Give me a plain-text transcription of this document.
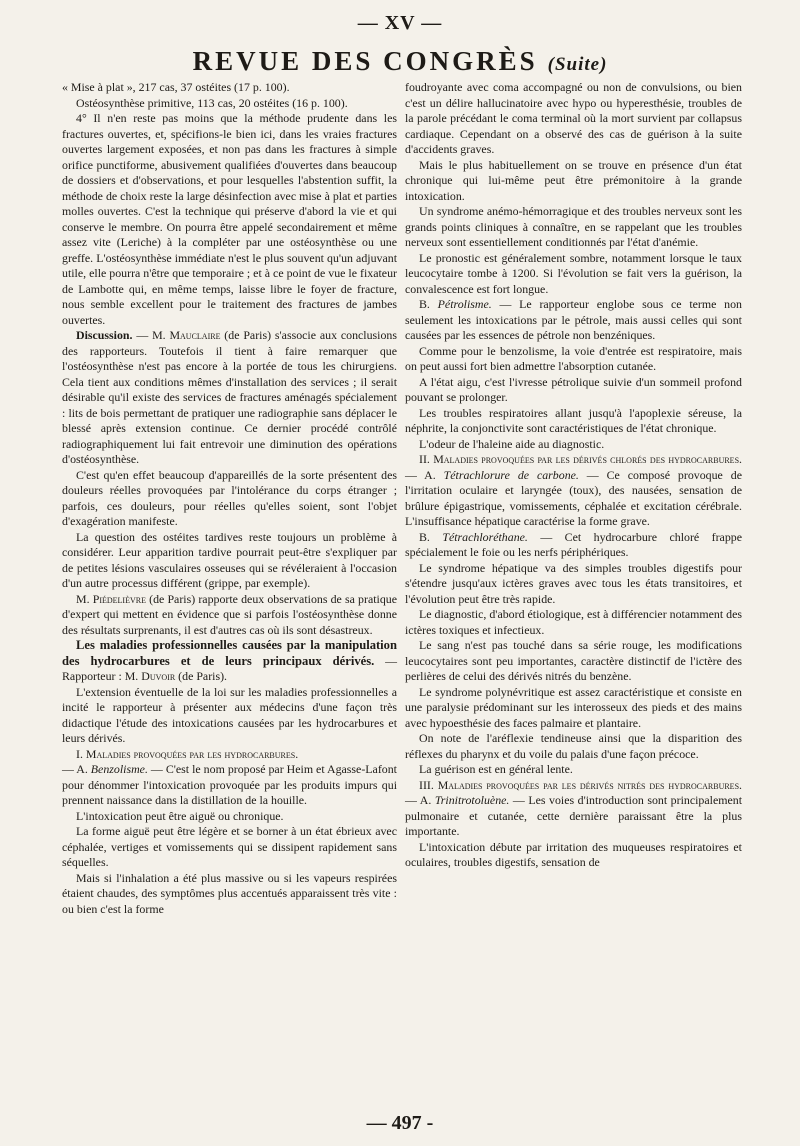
— XV —
REVUE DES CONGRÈS (Suite)

« Mise à plat », 217 cas, 37 ostéites (17 p. 100).

Ostéosynthèse primitive, 113 cas, 20 ostéites (16 p. 100).

4° Il n'en reste pas moins que la méthode prudente dans les fractures ouvertes, et, spécifions-le bien ici, dans les vraies fractures ouvertes largement exposées, et non pas dans les fractures à simple orifice punctiforme, abusivement qualifiées d'ouvertes dans beaucoup de dossiers et d'observations, et pour lesquelles l'abstention suffit, la méthode de choix reste la large désinfection avec mise à plat et parties molles ouvertes. C'est la technique qui préserve d'abord la vie et qui conserve le membre. On pourra être appelé secondairement et même assez vite (Leriche) à la compléter par une ostéosynthèse ou une greffe. L'ostéosynthèse immédiate n'est le plus souvent qu'un adjuvant utile, elle pourra n'être que temporaire ; et à ce point de vue le fixateur de Lambotte qui, en même temps, laisse libre le foyer de fracture, nous semble excellent pour le traitement des fractures de jambes ouvertes.

Discussion. — M. Mauclaire (de Paris) s'associe aux conclusions des rapporteurs. Toutefois il tient à faire remarquer que l'ostéosynthèse n'est pas encore à la portée de tous les chirurgiens. Cela tient aux conditions mêmes d'installation des services ; il serait désirable qu'il existe des services de fractures aménagés spécialement : lits de bois permettant de pratiquer une radiographie sans déplacer le blessé après extension continue. Ce dernier procédé contrôlé radiographiquement lui fait entrevoir une diminution des opérations d'ostéosynthèse.

C'est qu'en effet beaucoup d'appareillés de la sorte présentent des douleurs réelles provoquées par l'intolérance du corps étranger ; parfois, ces douleurs, pour réelles qu'elles soient, sont l'objet d'exagération manifeste.

La question des ostéites tardives reste toujours un problème à considérer. Leur apparition tardive pourrait peut-être s'expliquer par de petites lésions vasculaires osseuses qui se révéleraient à l'occasion d'un autre processus différent (grippe, par exemple).

M. Piédelièvre (de Paris) rapporte deux observations de sa pratique d'expert qui mettent en évidence que si parfois l'ostéosynthèse donne des résultats surprenants, il est d'autres cas où ils sont désastreux.

Les maladies professionnelles causées par la manipulation des hydrocarbures et de leurs principaux dérivés. — Rapporteur : M. Duvoir (de Paris).

L'extension éventuelle de la loi sur les maladies professionnelles a incité le rapporteur à présenter aux médecins d'une façon très didactique l'étude des intoxications causées par les hydrocarbures et leurs dérivés.

I. Maladies provoquées par les hydrocarbures.

— A. Benzolisme. — C'est le nom proposé par Heim et Agasse-Lafont pour dénommer l'intoxication provoquée par les produits impurs qui prennent naissance dans la distillation de la houille.

L'intoxication peut être aiguë ou chronique.

La forme aiguë peut être légère et se borner à un état ébrieux avec céphalée, vertiges et vomissements qui se dissipent rapidement sans séquelles.

Mais si l'inhalation a été plus massive ou si les vapeurs respirées étaient chaudes, des symptômes plus accentués apparaissent très vite : ou bien c'est la forme

foudroyante avec coma accompagné ou non de convulsions, ou bien c'est un délire hallucinatoire avec hypo ou hyperesthésie, troubles de la parole précédant le coma terminal où la mort survient par collapsus cardiaque. Cependant on a observé des cas de guérison à la suite d'accidents graves.

Mais le plus habituellement on se trouve en présence d'un état chronique qui lui-même peut être prémonitoire à la grande intoxication.

Un syndrome anémo-hémorragique et des troubles nerveux sont les grands points cliniques à connaître, en se rappelant que les troubles nerveux sont essentiellement conditionnés par l'état d'anémie.

Le pronostic est généralement sombre, notamment lorsque le taux leucocytaire tombe à 1200. Si l'évolution se fait vers la guérison, la convalescence est fort longue.

B. Pétrolisme. — Le rapporteur englobe sous ce terme non seulement les intoxications par le pétrole, mais aussi celles qui sont causées par les essences de pétrole non benzéniques.

Comme pour le benzolisme, la voie d'entrée est respiratoire, mais on peut aussi fort bien admettre l'absorption cutanée.

A l'état aigu, c'est l'ivresse pétrolique suivie d'un sommeil profond pouvant se prolonger.

Les troubles respiratoires allant jusqu'à l'apoplexie séreuse, la néphrite, la conjonctivite sont caractéristiques de l'état chronique.

L'odeur de l'haleine aide au diagnostic.

II. Maladies provoquées par les dérivés chlorés des hydrocarbures. — A. Tétrachlorure de carbone. — Ce composé provoque de l'irritation oculaire et laryngée (toux), des nausées, sensation de brûlure épigastrique, vomissements, céphalée et excitation cérébrale. L'insuffisance hépatique caractérise la forme grave.

B. Tétrachloréthane. — Cet hydrocarbure chloré frappe spécialement le foie ou les nerfs périphériques.

Le syndrome hépatique va des simples troubles digestifs pour s'étendre jusqu'aux ictères graves avec tous les états transitoires, et l'évolution peut être très rapide.

Le diagnostic, d'abord étiologique, est à différencier notamment des ictères toxiques et infectieux.

Le sang n'est pas touché dans sa série rouge, les modifications leucocytaires sont peu importantes, caractère distinctif de l'ictère des perlières de celui des dérivés nitrés du benzène.

Le syndrome polynévritique est assez caractéristique et consiste en une paralysie prédominant sur les interosseux des pieds et des mains avec hypoesthésie des faces palmaire et plantaire.

On note de l'aréflexie tendineuse ainsi que la disparition des réflexes du pharynx et du voile du palais d'une façon précoce.

La guérison est en général lente.

III. Maladies provoquées par les dérivés nitrés des hydrocarbures. — A. Trinitrotoluène. — Les voies d'introduction sont principalement pulmonaire et cutanée, cette dernière paraissant être la plus importante.

L'intoxication débute par irritation des muqueuses respiratoires et oculaires, troubles digestifs, sensation de

— 497 -
